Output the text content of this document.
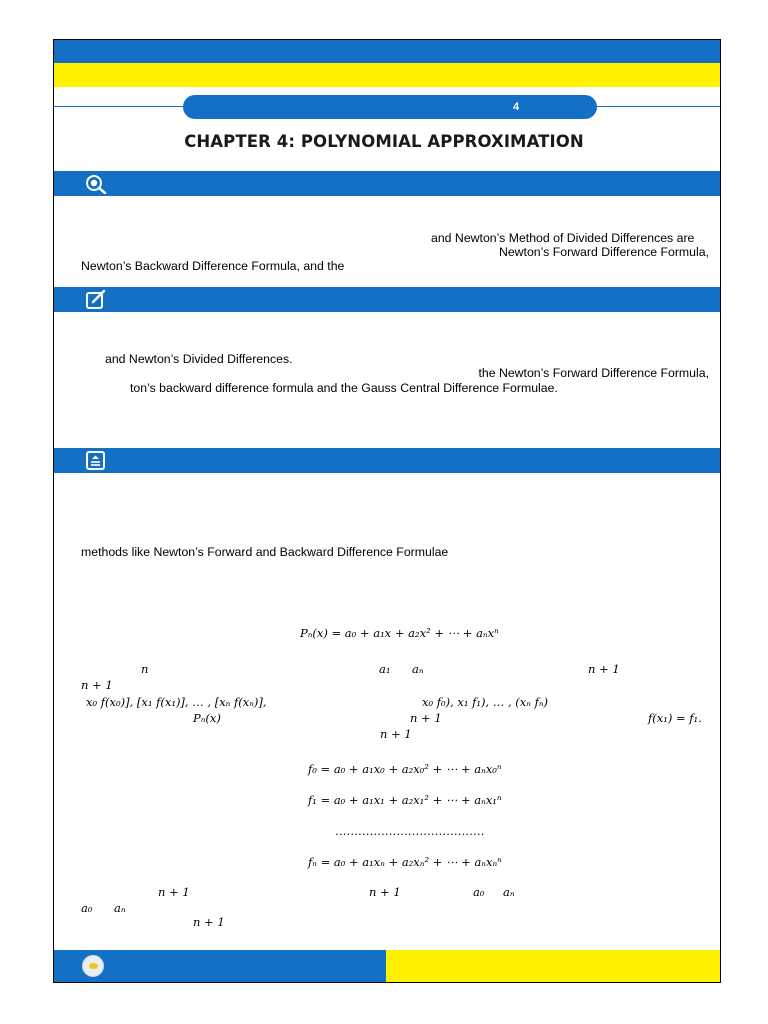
4
CHAPTER 4: POLYNOMIAL APPROXIMATION
and Newton’s Method of Divided Differences are
Newton’s Forward Difference Formula,
Newton’s Backward Difference Formula, and the
and Newton’s Divided Differences.
the Newton’s Forward Difference Formula,
ton’s backward difference formula and the Gauss Central Difference Formulae.
methods like Newton’s Forward and Backward Difference Formulae
Pₙ(x) = a₀ + a₁x + a₂x² + ⋯ + aₙxⁿ
n	a₁ aₙ	n + 1
n + 1
x₀ f(x₀)], [x₁ f(x₁)], … , [xₙ f(xₙ)],	x₀ f₀), x₁ f₁), … , (xₙ fₙ)
Pₙ(x)	n + 1	f(x₁) = f₁.
n + 1
f₀ = a₀ + a₁x₀ + a₂x₀² + ⋯ + aₙx₀ⁿ
f₁ = a₀ + a₁x₁ + a₂x₁² + ⋯ + aₙx₁ⁿ
…………………………………
fₙ = a₀ + a₁xₙ + a₂xₙ² + ⋯ + aₙxₙⁿ
n + 1	n + 1	a₀ aₙ
a₀ aₙ
n + 1
